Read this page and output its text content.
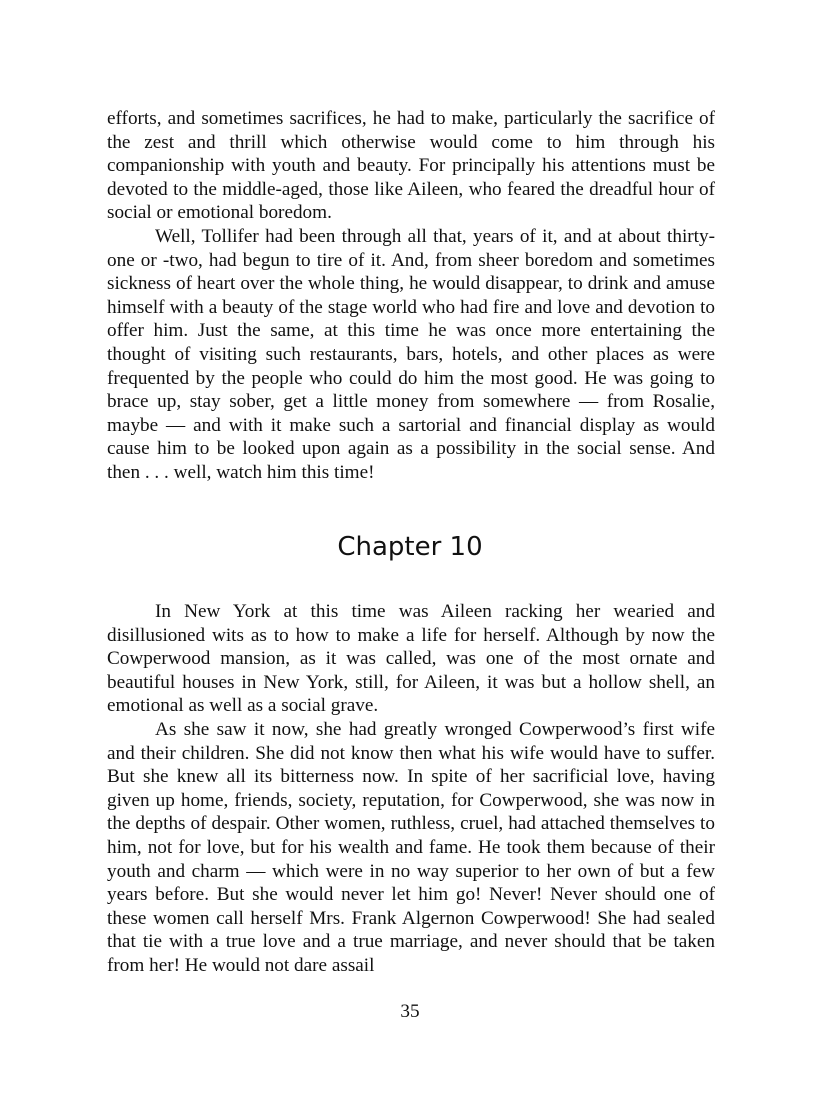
efforts, and sometimes sacrifices, he had to make, particularly the sacrifice of the zest and thrill which otherwise would come to him through his companionship with youth and beauty. For principally his attentions must be devoted to the middle-aged, those like Aileen, who feared the dreadful hour of social or emotional boredom.

Well, Tollifer had been through all that, years of it, and at about thirty-one or -two, had begun to tire of it. And, from sheer boredom and sometimes sickness of heart over the whole thing, he would disappear, to drink and amuse himself with a beauty of the stage world who had fire and love and devotion to offer him. Just the same, at this time he was once more entertaining the thought of visiting such restaurants, bars, hotels, and other places as were frequented by the people who could do him the most good. He was going to brace up, stay sober, get a little money from somewhere — from Rosalie, maybe — and with it make such a sartorial and financial display as would cause him to be looked upon again as a possibility in the social sense. And then . . . well, watch him this time!

Chapter 10

In New York at this time was Aileen racking her wearied and disillusioned wits as to how to make a life for herself. Although by now the Cowperwood mansion, as it was called, was one of the most ornate and beautiful houses in New York, still, for Aileen, it was but a hollow shell, an emotional as well as a social grave.

As she saw it now, she had greatly wronged Cowperwood’s first wife and their children. She did not know then what his wife would have to suffer. But she knew all its bitterness now. In spite of her sacrificial love, having given up home, friends, society, reputation, for Cowperwood, she was now in the depths of despair. Other women, ruthless, cruel, had attached themselves to him, not for love, but for his wealth and fame. He took them because of their youth and charm — which were in no way superior to her own of but a few years before. But she would never let him go! Never! Never should one of these women call herself Mrs. Frank Algernon Cowperwood! She had sealed that tie with a true love and a true marriage, and never should that be taken from her! He would not dare assail

35
